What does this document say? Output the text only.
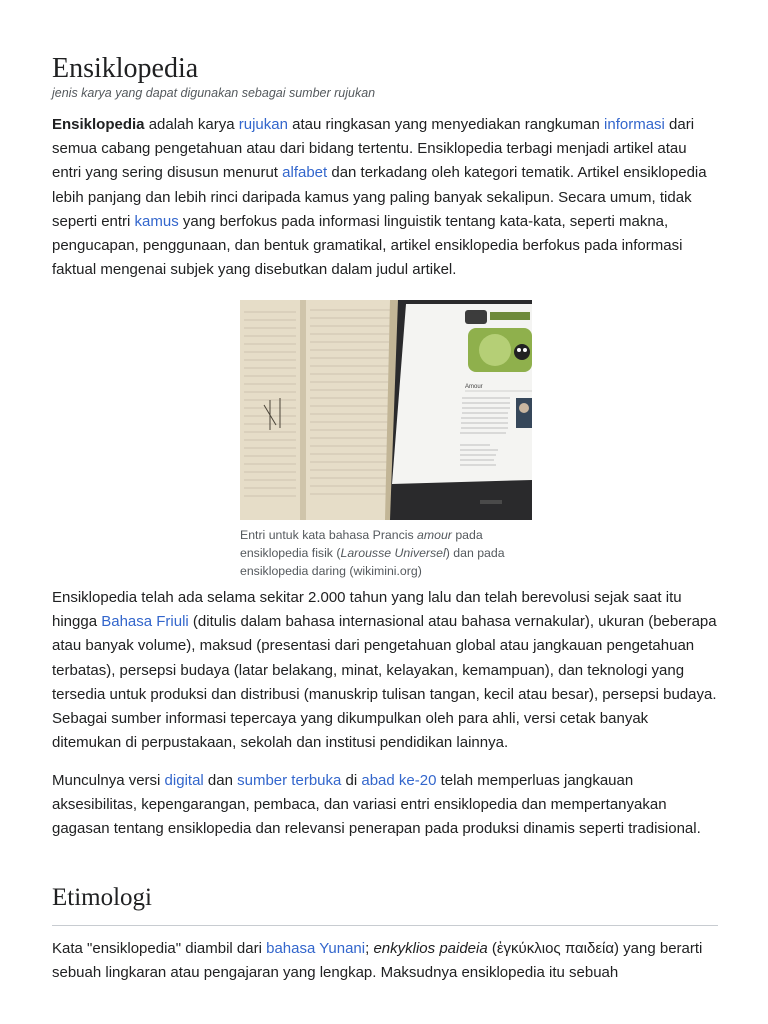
Ensiklopedia
jenis karya yang dapat digunakan sebagai sumber rujukan

Ensiklopedia adalah karya rujukan atau ringkasan yang menyediakan rangkuman informasi dari semua cabang pengetahuan atau dari bidang tertentu. Ensiklopedia terbagi menjadi artikel atau entri yang sering disusun menurut alfabet dan terkadang oleh kategori tematik. Artikel ensiklopedia lebih panjang dan lebih rinci daripada kamus yang paling banyak sekalipun. Secara umum, tidak seperti entri kamus yang berfokus pada informasi linguistik tentang kata-kata, seperti makna, pengucapan, penggunaan, dan bentuk gramatikal, artikel ensiklopedia berfokus pada informasi faktual mengenai subjek yang disebutkan dalam judul artikel.

Amour
Entri untuk kata bahasa Prancis amour pada ensiklopedia fisik (Larousse Universel) dan pada ensiklopedia daring (wikimini.org)

Ensiklopedia telah ada selama sekitar 2.000 tahun yang lalu dan telah berevolusi sejak saat itu hingga Bahasa Friuli (ditulis dalam bahasa internasional atau bahasa vernakular), ukuran (beberapa atau banyak volume), maksud (presentasi dari pengetahuan global atau jangkauan pengetahuan terbatas), persepsi budaya (latar belakang, minat, kelayakan, kemampuan), dan teknologi yang tersedia untuk produksi dan distribusi (manuskrip tulisan tangan, kecil atau besar), persepsi budaya. Sebagai sumber informasi tepercaya yang dikumpulkan oleh para ahli, versi cetak banyak ditemukan di perpustakaan, sekolah dan institusi pendidikan lainnya.

Munculnya versi digital dan sumber terbuka di abad ke-20 telah memperluas jangkauan aksesibilitas, kepengarangan, pembaca, dan variasi entri ensiklopedia dan mempertanyakan gagasan tentang ensiklopedia dan relevansi penerapan pada produksi dinamis seperti tradisional.

Etimologi

Kata "ensiklopedia" diambil dari bahasa Yunani; enkyklios paideia (ἐγκύκλιος παιδεία) yang berarti sebuah lingkaran atau pengajaran yang lengkap. Maksudnya ensiklopedia itu sebuah
